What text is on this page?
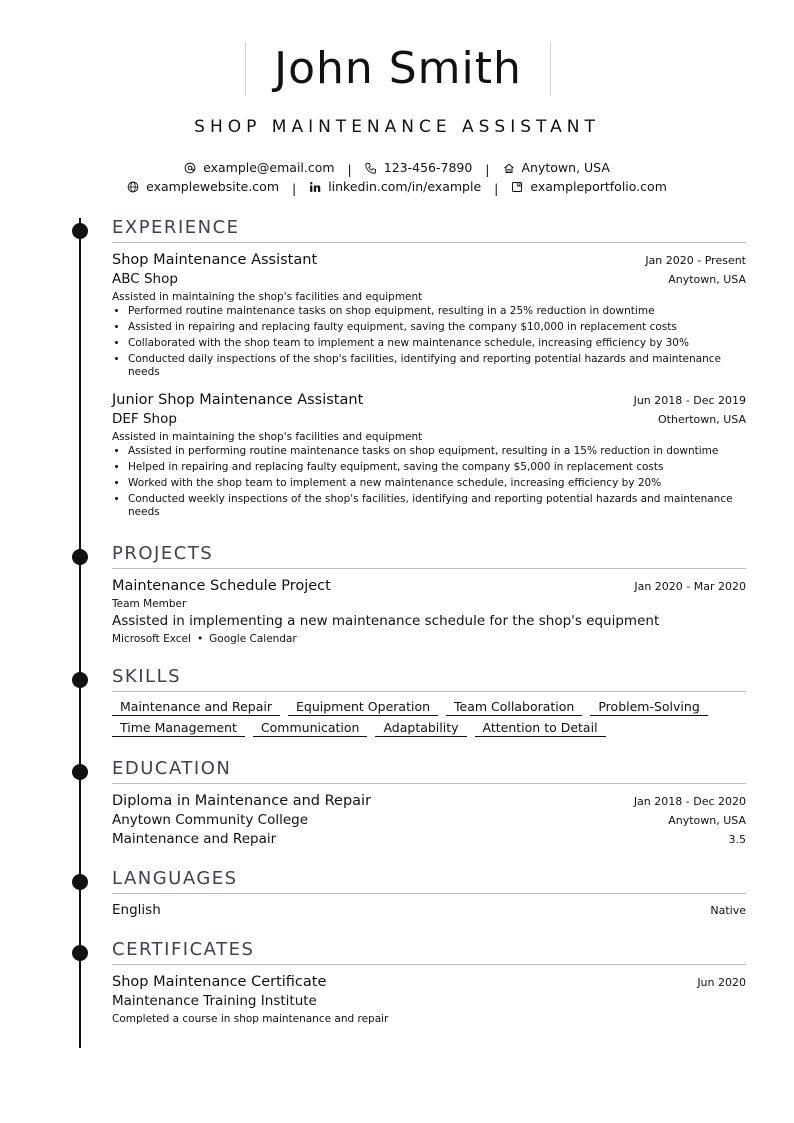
John Smith
SHOP MAINTENANCE ASSISTANT
example@email.com |	123-456-7890 |	Anytown, USA
examplewebsite.com |	linkedin.com/in/example |	exampleportfolio.com
EXPERIENCE
Shop Maintenance Assistant	Jan 2020 - Present
ABC Shop	Anytown, USA
Assisted in maintaining the shop's facilities and equipment
• Performed routine maintenance tasks on shop equipment, resulting in a 25% reduction in downtime
• Assisted in repairing and replacing faulty equipment, saving the company $10,000 in replacement costs
• Collaborated with the shop team to implement a new maintenance schedule, increasing efficiency by 30%
• Conducted daily inspections of the shop's facilities, identifying and reporting potential hazards and maintenance needs
Junior Shop Maintenance Assistant	Jun 2018 - Dec 2019
DEF Shop	Othertown, USA
Assisted in maintaining the shop's facilities and equipment
• Assisted in performing routine maintenance tasks on shop equipment, resulting in a 15% reduction in downtime
• Helped in repairing and replacing faulty equipment, saving the company $5,000 in replacement costs
• Worked with the shop team to implement a new maintenance schedule, increasing efficiency by 20%
• Conducted weekly inspections of the shop's facilities, identifying and reporting potential hazards and maintenance needs
PROJECTS
Maintenance Schedule Project	Jan 2020 - Mar 2020
Team Member
Assisted in implementing a new maintenance schedule for the shop's equipment
Microsoft Excel • Google Calendar
SKILLS
Maintenance and Repair	Equipment Operation	Team Collaboration	Problem-Solving
Time Management	Communication	Adaptability	Attention to Detail
EDUCATION
Diploma in Maintenance and Repair	Jan 2018 - Dec 2020
Anytown Community College	Anytown, USA
Maintenance and Repair	3.5
LANGUAGES
English	Native
CERTIFICATES
Shop Maintenance Certificate	Jun 2020
Maintenance Training Institute
Completed a course in shop maintenance and repair
